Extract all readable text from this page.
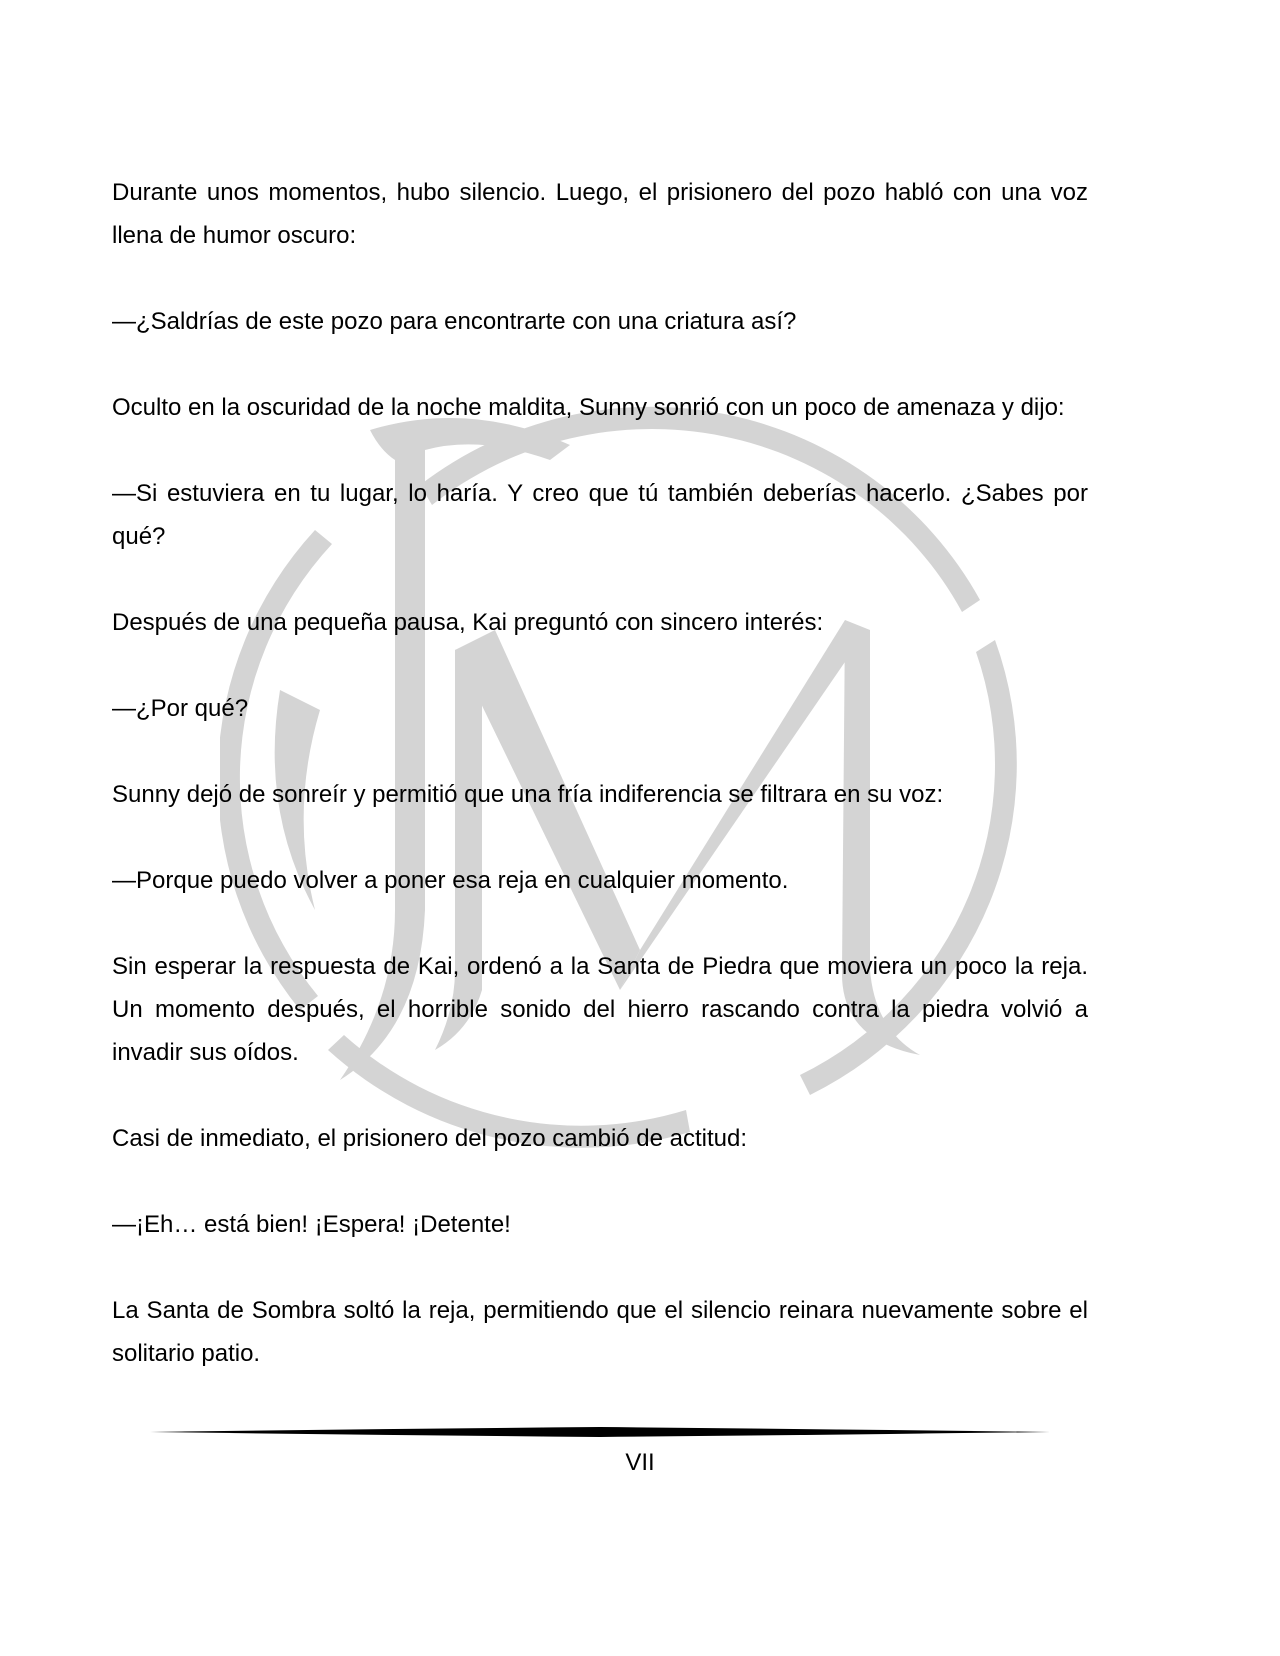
Durante unos momentos, hubo silencio. Luego, el prisionero del pozo habló con una voz llena de humor oscuro:

—¿Saldrías de este pozo para encontrarte con una criatura así?

Oculto en la oscuridad de la noche maldita, Sunny sonrió con un poco de amenaza y dijo:

—Si estuviera en tu lugar, lo haría. Y creo que tú también deberías hacerlo. ¿Sabes por qué?

Después de una pequeña pausa, Kai preguntó con sincero interés:

—¿Por qué?

Sunny dejó de sonreír y permitió que una fría indiferencia se filtrara en su voz:

—Porque puedo volver a poner esa reja en cualquier momento.

Sin esperar la respuesta de Kai, ordenó a la Santa de Piedra que moviera un poco la reja. Un momento después, el horrible sonido del hierro rascando contra la piedra volvió a invadir sus oídos.

Casi de inmediato, el prisionero del pozo cambió de actitud:

—¡Eh… está bien! ¡Espera! ¡Detente!

La Santa de Sombra soltó la reja, permitiendo que el silencio reinara nuevamente sobre el solitario patio.

VII
